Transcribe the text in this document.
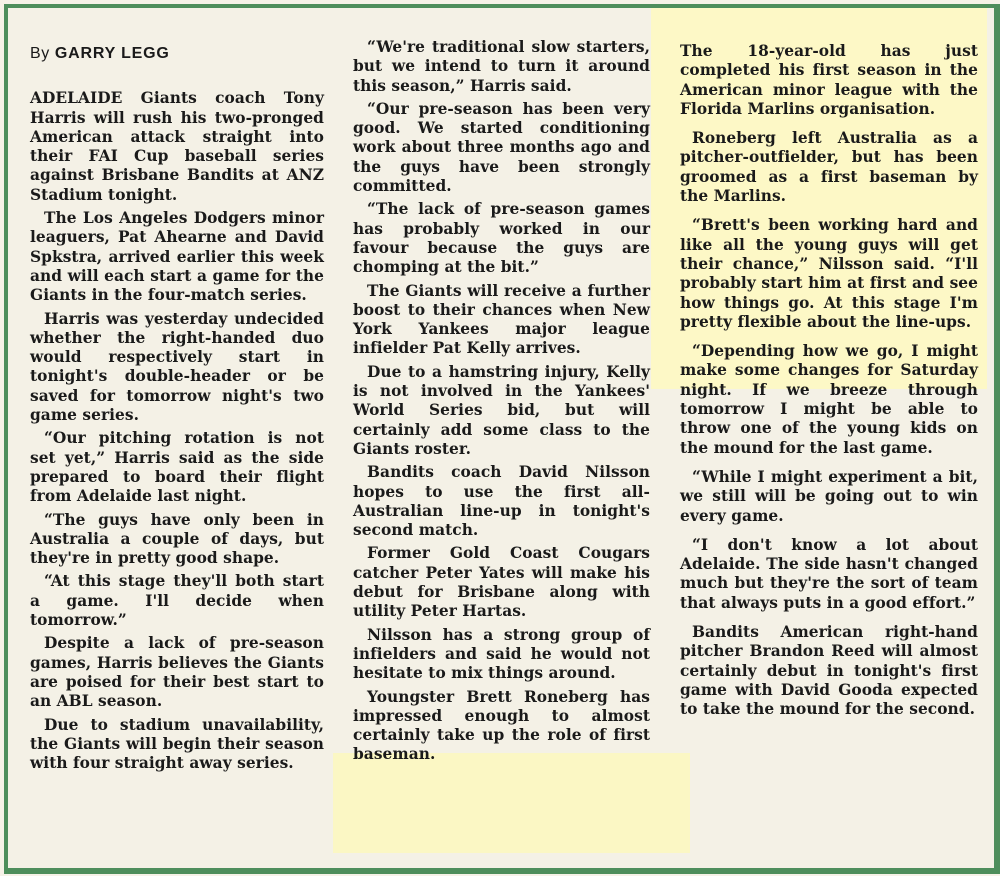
By GARRY LEGG

ADELAIDE Giants coach Tony Harris will rush his two-pronged American attack straight into their FAI Cup baseball series against Brisbane Bandits at ANZ Stadium tonight.

The Los Angeles Dodgers minor leaguers, Pat Ahearne and David Spkstra, arrived earlier this week and will each start a game for the Giants in the four-match series.

Harris was yesterday undecided whether the right-handed duo would respectively start in tonight's double-header or be saved for tomorrow night's two game series.

“Our pitching rotation is not set yet,” Harris said as the side prepared to board their flight from Adelaide last night.

“The guys have only been in Australia a couple of days, but they're in pretty good shape.

“At this stage they'll both start a game. I'll decide when tomorrow.”

Despite a lack of pre-season games, Harris believes the Giants are poised for their best start to an ABL season.

Due to stadium unavailability, the Giants will begin their season with four straight away series.

“We're traditional slow starters, but we intend to turn it around this season,” Harris said.

“Our pre-season has been very good. We started conditioning work about three months ago and the guys have been strongly committed.

“The lack of pre-season games has probably worked in our favour because the guys are chomping at the bit.”

The Giants will receive a further boost to their chances when New York Yankees major league infielder Pat Kelly arrives.

Due to a hamstring injury, Kelly is not involved in the Yankees' World Series bid, but will certainly add some class to the Giants roster.

Bandits coach David Nilsson hopes to use the first all-Australian line-up in tonight's second match.

Former Gold Coast Cougars catcher Peter Yates will make his debut for Brisbane along with utility Peter Hartas.

Nilsson has a strong group of infielders and said he would not hesitate to mix things around.

Youngster Brett Roneberg has impressed enough to almost certainly take up the role of first baseman.

The 18-year-old has just completed his first season in the American minor league with the Florida Marlins organisation.

Roneberg left Australia as a pitcher-outfielder, but has been groomed as a first baseman by the Marlins.

“Brett's been working hard and like all the young guys will get their chance,” Nilsson said. “I'll probably start him at first and see how things go. At this stage I'm pretty flexible about the line-ups.

“Depending how we go, I might make some changes for Saturday night. If we breeze through tomorrow I might be able to throw one of the young kids on the mound for the last game.

“While I might experiment a bit, we still will be going out to win every game.

“I don't know a lot about Adelaide. The side hasn't changed much but they're the sort of team that always puts in a good effort.”

Bandits American right-hand pitcher Brandon Reed will almost certainly debut in tonight's first game with David Gooda expected to take the mound for the second.
